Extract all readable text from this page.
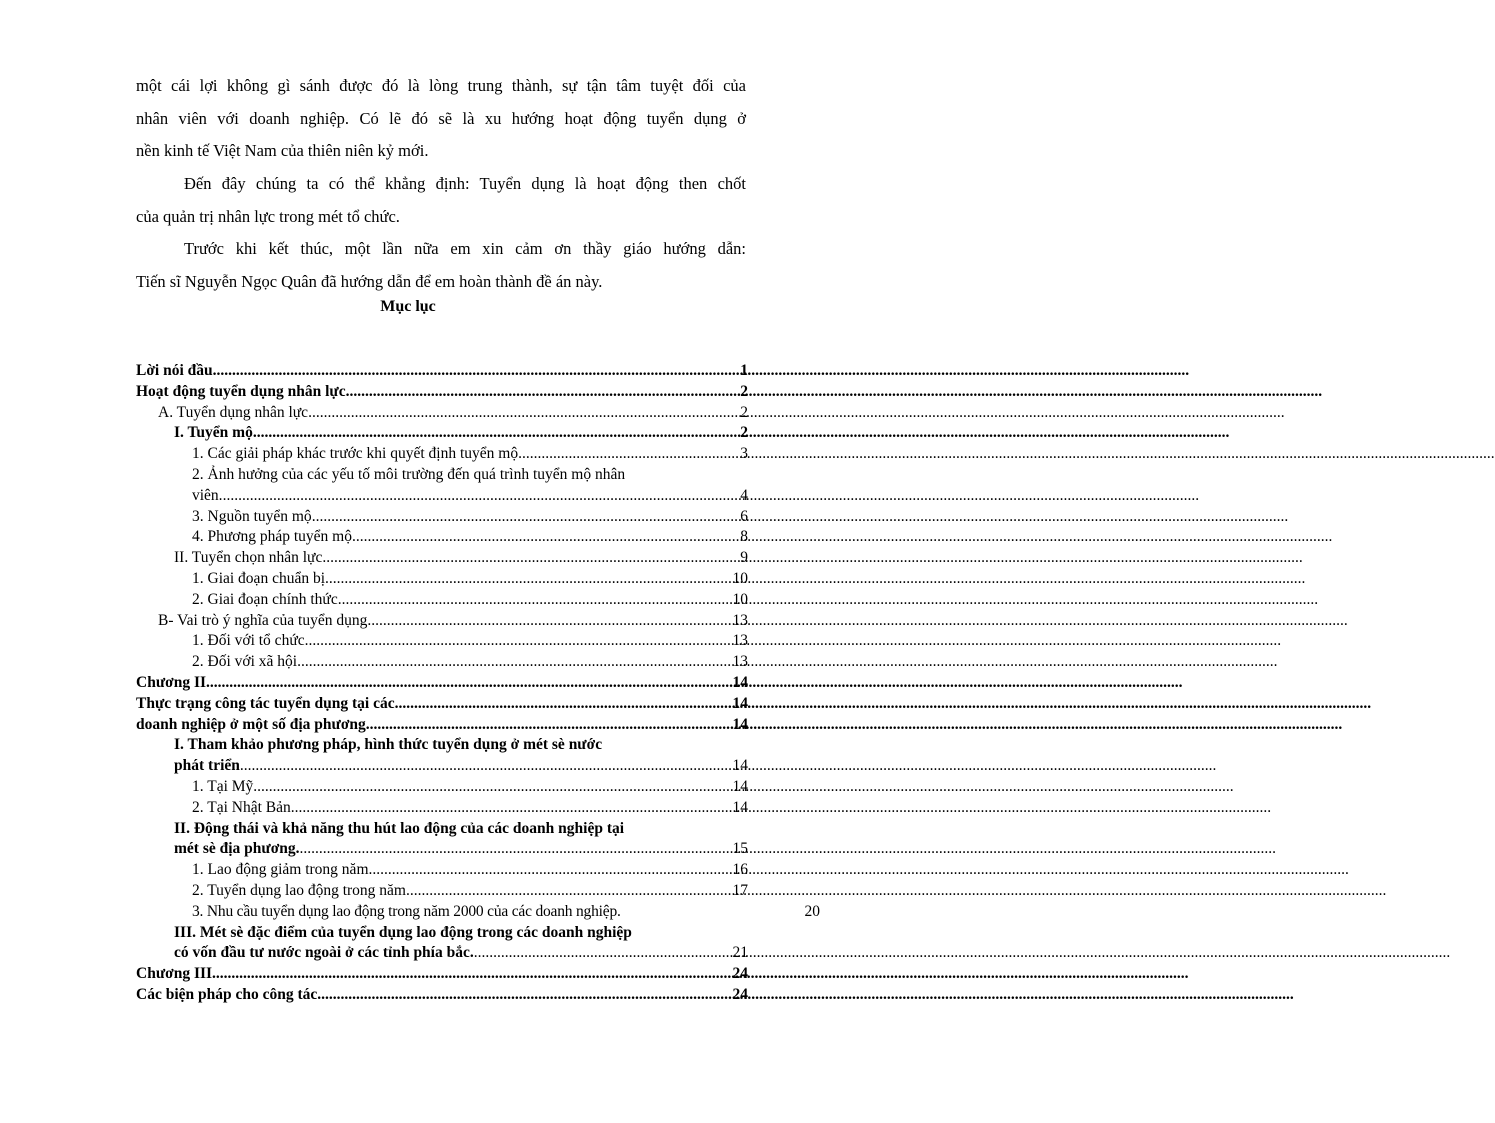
một cái lợi không gì sánh được đó là lòng trung thành, sự tận tâm tuyệt đối của
nhân viên với doanh nghiệp. Có lẽ đó sẽ là xu hướng hoạt động tuyển dụng ở
nền kinh tế Việt Nam của thiên niên kỷ mới.

Đến đây chúng ta có thể khẳng định: Tuyển dụng là hoạt động then chốt
của quản trị nhân lực trong mét tổ chức.

Trước khi kết thúc, một lần nữa em xin cảm ơn thầy giáo hướng dẫn:
Tiến sĩ Nguyễn Ngọc Quân đã hướng dẫn để em hoàn thành đề án này.

Mục lục
Lời nói đầu .....	1
Hoạt động tuyển dụng nhân lực .....	2
A. Tuyển dụng nhân lực .....	2
I. Tuyển mộ .....	2
1. Các giải pháp khác trước khi quyết định tuyển mộ .....	3
2. Ảnh hưởng của các yếu tố môi trường đến quá trình tuyển mộ nhân
viên. .....	4
3. Nguồn tuyển mộ .....	6
4. Phương pháp tuyển mộ. .....	8
II. Tuyển chọn nhân lực. .....	9
1. Giai đoạn chuẩn bị. .....	10
2. Giai đoạn chính thức. .....	10
B- Vai trò ý nghĩa của tuyển dụng. .....	13
1. Đối với tổ chức .....	13
2. Đối với xã hội. .....	13
Chương II .....	14
Thực trạng công tác tuyển dụng tại các .....	14
doanh nghiệp ở một số địa phương .....	14
I. Tham khảo phương pháp, hình thức tuyển dụng ở mét sè nước
phát triển .....	14
1. Tại Mỹ. .....	14
2. Tại Nhật Bản. .....	14
II. Động thái và khả năng thu hút lao động của các doanh nghiệp tại
mét sè địa phương. .....	15
1. Lao động giảm trong năm. .....	16
2. Tuyển dụng lao động trong năm. .....	17
3. Nhu cầu tuyển dụng lao động trong năm 2000 của các doanh nghiệp.	20
III. Mét sè đặc điểm của tuyển dụng lao động trong các doanh nghiệp
có vốn đầu tư nước ngoài ở các tỉnh phía bắc. .....	21
Chương III .....	24
Các biện pháp cho công tác .....	24
